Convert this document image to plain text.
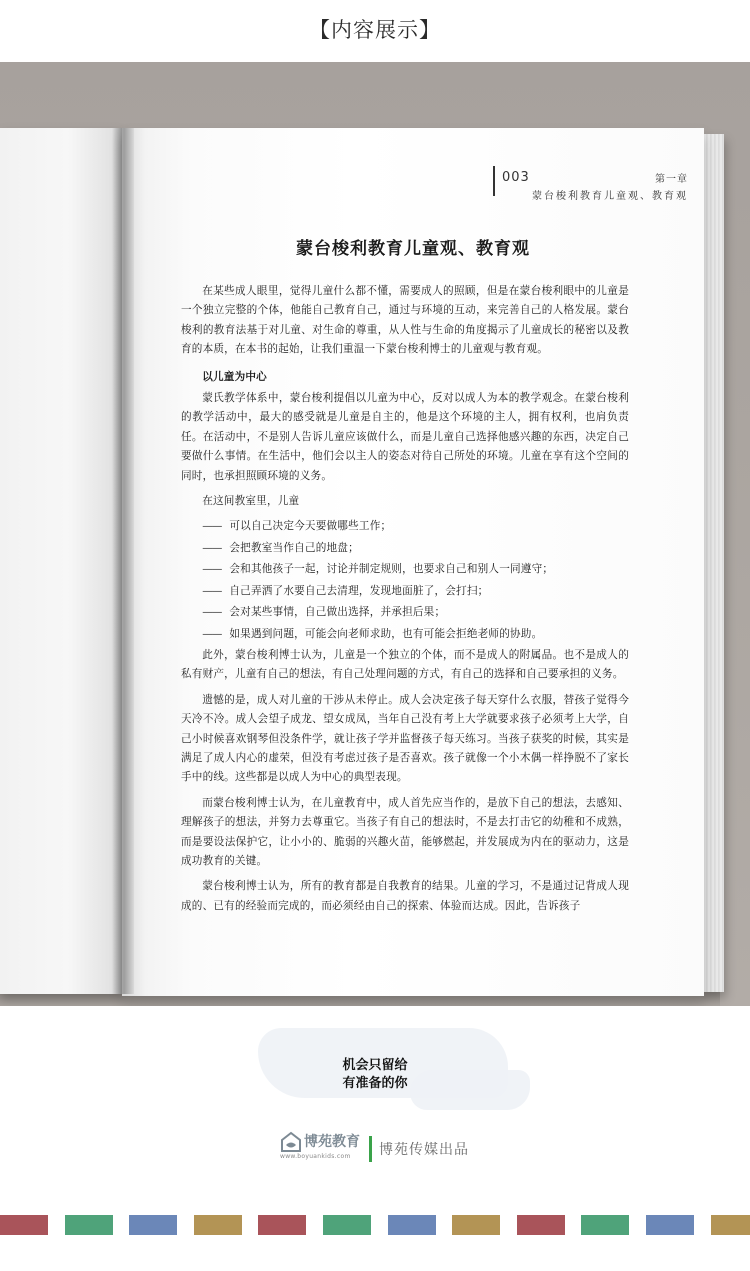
【内容展示】
第一章
蒙台梭利教育儿童观、教育观
003
蒙台梭利教育儿童观、教育观

在某些成人眼里，觉得儿童什么都不懂，需要成人的照顾，但是在蒙台梭利眼中的儿童是一个独立完整的个体，他能自己教育自己，通过与环境的互动，来完善自己的人格发展。蒙台梭利的教育法基于对儿童、对生命的尊重，从人性与生命的角度揭示了儿童成长的秘密以及教育的本质，在本书的起始，让我们重温一下蒙台梭利博士的儿童观与教育观。

以儿童为中心

蒙氏教学体系中，蒙台梭利提倡以儿童为中心，反对以成人为本的教学观念。在蒙台梭利的教学活动中，最大的感受就是儿童是自主的，他是这个环境的主人，拥有权利，也肩负责任。在活动中，不是别人告诉儿童应该做什么，而是儿童自己选择他感兴趣的东西，决定自己要做什么事情。在生活中，他们会以主人的姿态对待自己所处的环境。儿童在享有这个空间的同时，也承担照顾环境的义务。

在这间教室里，儿童

—— 可以自己决定今天要做哪些工作；
—— 会把教室当作自己的地盘；
—— 会和其他孩子一起，讨论并制定规则，也要求自己和别人一同遵守；
—— 自己弄洒了水要自己去清理，发现地面脏了，会打扫；
—— 会对某些事情，自己做出选择，并承担后果；
—— 如果遇到问题，可能会向老师求助，也有可能会拒绝老师的协助。

此外，蒙台梭利博士认为，儿童是一个独立的个体，而不是成人的附属品。也不是成人的私有财产，儿童有自己的想法，有自己处理问题的方式，有自己的选择和自己要承担的义务。

遗憾的是，成人对儿童的干涉从未停止。成人会决定孩子每天穿什么衣服，替孩子觉得今天冷不冷。成人会望子成龙、望女成凤，当年自己没有考上大学就要求孩子必须考上大学，自己小时候喜欢钢琴但没条件学，就让孩子学并监督孩子每天练习。当孩子获奖的时候，其实是满足了成人内心的虚荣，但没有考虑过孩子是否喜欢。孩子就像一个小木偶一样挣脱不了家长手中的线。这些都是以成人为中心的典型表现。

而蒙台梭利博士认为，在儿童教育中，成人首先应当作的，是放下自己的想法，去感知、理解孩子的想法，并努力去尊重它。当孩子有自己的想法时，不是去打击它的幼稚和不成熟，而是要设法保护它，让小小的、脆弱的兴趣火苗，能够燃起，并发展成为内在的驱动力，这是成功教育的关键。

蒙台梭利博士认为，所有的教育都是自我教育的结果。儿童的学习，不是通过记背成人现成的、已有的经验而完成的，而必须经由自己的探索、体验而达成。因此，告诉孩子

机会只留给
有准备的你
博苑教育
www.boyuankids.com 博苑传媒出品
